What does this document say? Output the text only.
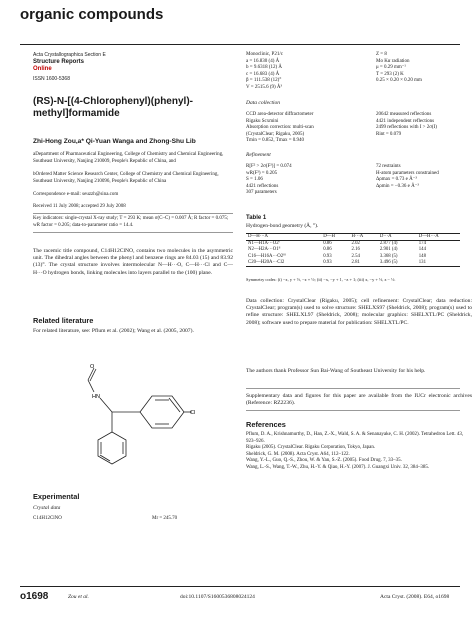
organic compounds
Acta Crystallographica Section E
Structure Reports
Online
ISSN 1600-5368
(RS)-N-[(4-Chlorophenyl)(phenyl)-methyl]formamide
Zhi-Hong Zou,a* Qi-Yuan Wanga and Zhong-Shu Lib
aDepartment of Pharmaceutical Engineering, College of Chemistry and Chemical Engineering, Southeast University, Nanjing 210009, People's Republic of China, and
bOrdered Matter Science Research Center, College of Chemistry and Chemical Engineering, Southeast University, Nanjing 210096, People's Republic of China
Correspondence e-mail: seuzzh@sina.com
Received 11 July 2008; accepted 29 July 2008
Key indicators: single-crystal X-ray study; T = 293 K; mean σ(C–C) = 0.007 Å; R factor = 0.075; wR factor = 0.205; data-to-parameter ratio = 14.4.
The racemic title compound, C14H12ClNO, contains two molecules in the asymmetric unit. The dihedral angles between the phenyl and benzene rings are 84.03 (15) and 83.92 (13)°. The crystal structure involves intermolecular N—H···O, C—H···Cl and C—H···O hydrogen bonds, linking molecules into layers parallel to the (100) plane.
Related literature
For related literature, see: Pflum et al. (2002); Wang et al. (2005, 2007).
O
HN
Cl
Experimental
Crystal data
C14H12ClNO	Mr = 245.70
Monoclinic, P21/c	Z = 8
a = 16.830 (4) Å	Mo Kα radiation
b = 9.6318 (12) Å	μ = 0.29 mm⁻¹
c = 16.683 (4) Å	T = 293 (2) K
β = 111.538 (12)°	0.25 × 0.20 × 0.20 mm
V = 2515.6 (9) Å³
Data collection
CCD area-detector diffractometer	20642 measured reflections
Rigaku Scxmini	4421 independent reflections
Absorption correction: multi-scan	2499 reflections with I > 2σ(I)
(CrystalClear; Rigaku, 2005)	Rint = 0.079
Tmin = 0.852, Tmax = 0.940
Refinement
R[F² > 2σ(F²)] = 0.074	72 restraints
wR(F²) = 0.205	H-atom parameters constrained
S = 1.06	Δρmax = 0.73 e Å⁻³
4421 reflections	Δρmin = −0.36 e Å⁻³
307 parameters
Table 1
Hydrogen-bond geometry (Å, °).
D—H···A	D—H	H···A	D···A	D—H···A
N1—H1A···O2ⁱ	0.86	2.02	2.877 (4)	174
N2—H2A···O1ⁱⁱ	0.86	2.16	2.901 (4)	144
C16—H16A···O2ⁱⁱⁱ	0.93	2.54	3.368 (5)	148
C20—H20A···Cl2	0.93	2.81	3.496 (5)	131
Symmetry codes: (i) −x, y + ½, −z + ½; (ii) −x, −y + 1, −z + 1; (iii) x, −y + ½, z − ½.
Data collection: CrystalClear (Rigaku, 2005); cell refinement: CrystalClear; data reduction: CrystalClear; program(s) used to solve structure: SHELXS97 (Sheldrick, 2008); program(s) used to refine structure: SHELXL97 (Sheldrick, 2008); molecular graphics: SHELXTL/PC (Sheldrick, 2008); software used to prepare material for publication: SHELXTL/PC.
The authors thank Professor Sun Bai-Wang of Southeast University for his help.
Supplementary data and figures for this paper are available from the IUCr electronic archives (Reference: RZ2236).
References
Pflum, D. A., Krishnamurthy, D., Han, Z.-X., Wald, S. A. & Senanayake, C. H. (2002). Tetrahedron Lett. 43, 923–926.
Rigaku (2005). CrystalClear. Rigaku Corporation, Tokyo, Japan.
Sheldrick, G. M. (2008). Acta Cryst. A64, 112–122.
Wang, Y.-L., Guo, Q.-S., Zhou, W. & Yan, S.-Z. (2005). Food Drug. 7, 33–35.
Wang, L.-S., Wang, T.-W., Zhu, H.-Y. & Qiao, H.-Y. (2007). J. Guangxi Univ. 32, 384–385.
o1698	Zou et al.	doi:10.1107/S1600536808024124	Acta Cryst. (2008). E64, o1698
